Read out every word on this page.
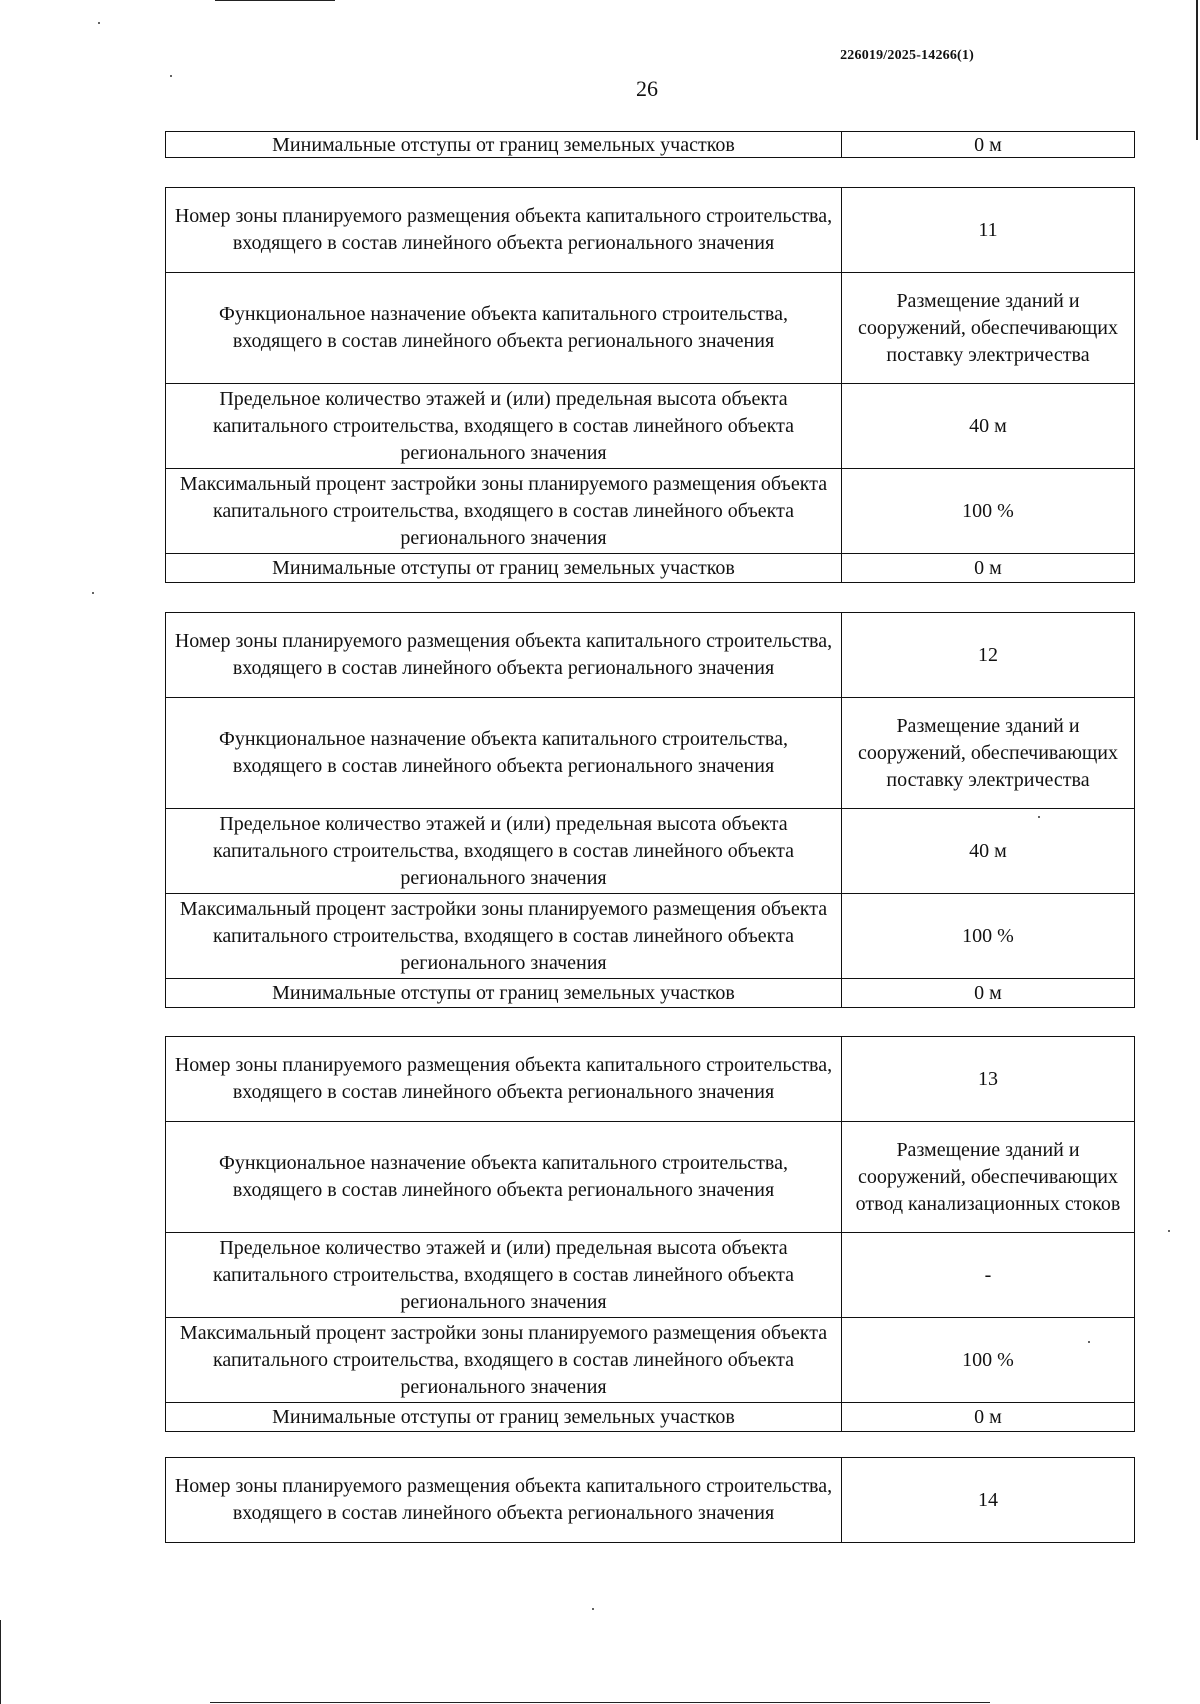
226019/2025-14266(1)
26
Минимальные отступы от границ земельных участков	0 м
Номер зоны планируемого размещения объекта капитального строительства, входящего в состав линейного объекта регионального значения	11
Функциональное назначение объекта капитального строительства, входящего в состав линейного объекта регионального значения	Размещение зданий и сооружений, обеспечивающих поставку электричества
Предельное количество этажей и (или) предельная высота объекта капитального строительства, входящего в состав линейного объекта регионального значения	40 м
Максимальный процент застройки зоны планируемого размещения объекта капитального строительства, входящего в состав линейного объекта регионального значения	100 %
Минимальные отступы от границ земельных участков	0 м
Номер зоны планируемого размещения объекта капитального строительства, входящего в состав линейного объекта регионального значения	12
Функциональное назначение объекта капитального строительства, входящего в состав линейного объекта регионального значения	Размещение зданий и сооружений, обеспечивающих поставку электричества
Предельное количество этажей и (или) предельная высота объекта капитального строительства, входящего в состав линейного объекта регионального значения	40 м
Максимальный процент застройки зоны планируемого размещения объекта капитального строительства, входящего в состав линейного объекта регионального значения	100 %
Минимальные отступы от границ земельных участков	0 м
Номер зоны планируемого размещения объекта капитального строительства, входящего в состав линейного объекта регионального значения	13
Функциональное назначение объекта капитального строительства, входящего в состав линейного объекта регионального значения	Размещение зданий и сооружений, обеспечивающих отвод канализационных стоков
Предельное количество этажей и (или) предельная высота объекта капитального строительства, входящего в состав линейного объекта регионального значения	-
Максимальный процент застройки зоны планируемого размещения объекта капитального строительства, входящего в состав линейного объекта регионального значения	100 %
Минимальные отступы от границ земельных участков	0 м
Номер зоны планируемого размещения объекта капитального строительства, входящего в состав линейного объекта регионального значения	14
